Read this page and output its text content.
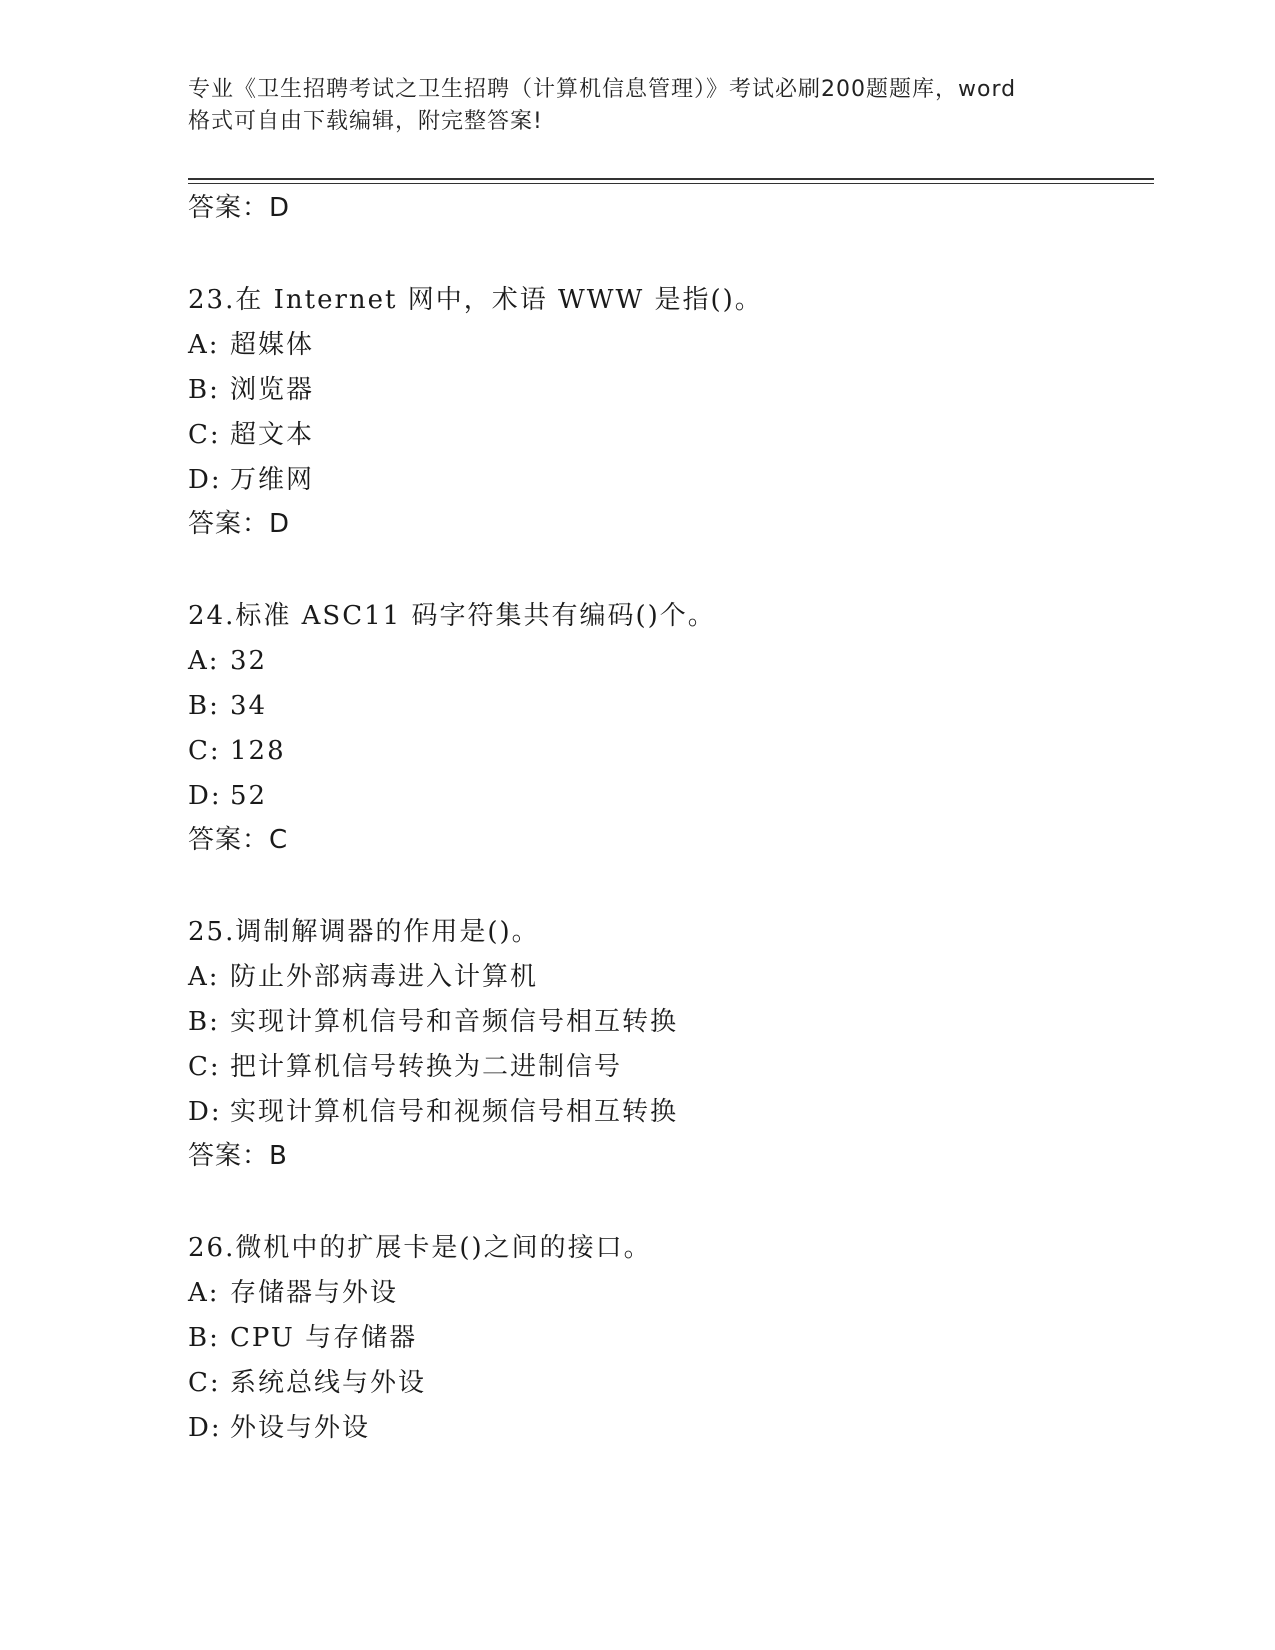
专业《卫生招聘考试之卫生招聘（计算机信息管理）》考试必刷200题题库，word
格式可自由下载编辑，附完整答案!
答案：D
23.在 Internet 网中，术语 WWW 是指()。
A: 超媒体
B: 浏览器
C: 超文本
D: 万维网
答案：D
24.标准 ASC11 码字符集共有编码()个。
A: 32
B: 34
C: 128
D: 52
答案：C
25.调制解调器的作用是()。
A: 防止外部病毒进入计算机
B: 实现计算机信号和音频信号相互转换
C: 把计算机信号转换为二进制信号
D: 实现计算机信号和视频信号相互转换
答案：B
26.微机中的扩展卡是()之间的接口。
A: 存储器与外设
B: CPU 与存储器
C: 系统总线与外设
D: 外设与外设
